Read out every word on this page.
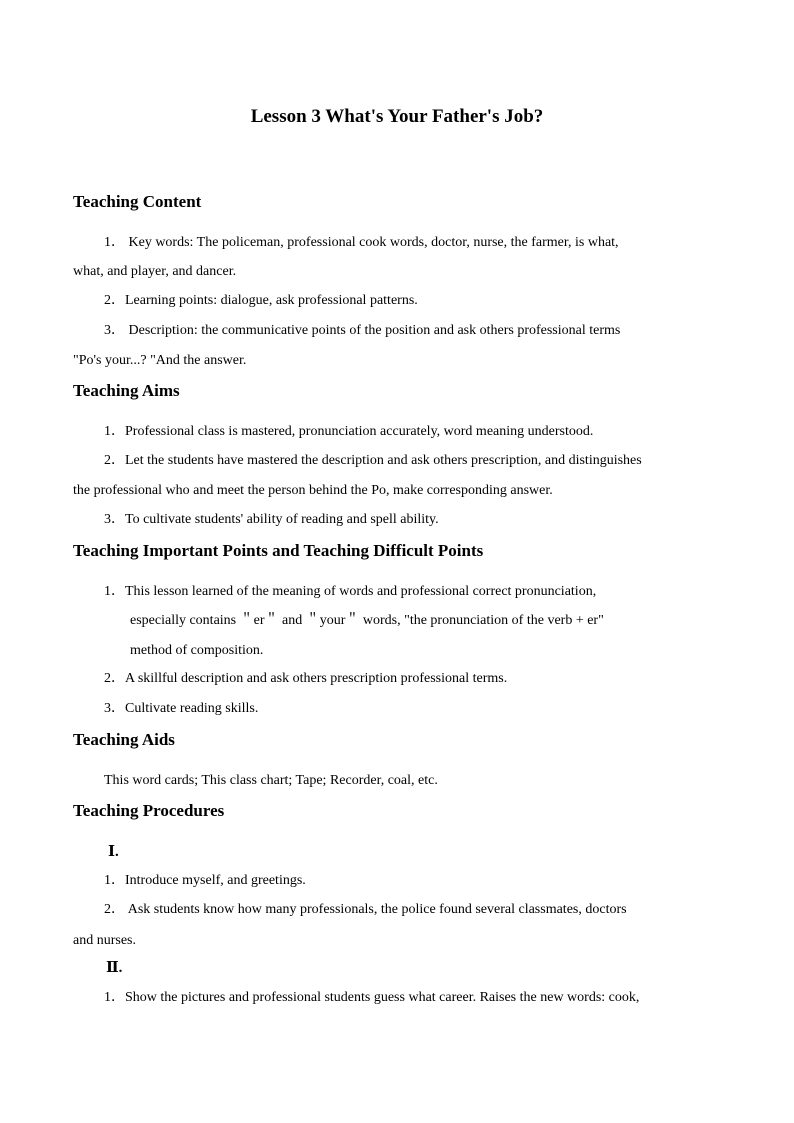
Lesson 3 What's Your Father's Job?
Teaching Content
1． Key words: The policeman, professional cook words, doctor, nurse, the farmer, is what,
what, and player, and dancer.
2．Learning points: dialogue, ask professional patterns.
3． Description: the communicative points of the position and ask others professional terms
"Po's your...? "And the answer.
Teaching Aims
1．Professional class is mastered, pronunciation accurately, word meaning understood.
2．Let the students have mastered the description and ask others prescription, and distinguishes
the professional who and meet the person behind the Po, make corresponding answer.
3．To cultivate students' ability of reading and spell ability.
Teaching Important Points and Teaching Difficult Points
1．This lesson learned of the meaning of words and professional correct pronunciation,
especially contains ＂er＂ and ＂your＂ words, "the pronunciation of the verb + er"
method of composition.
2．A skillful description and ask others prescription professional terms.
3．Cultivate reading skills.
Teaching Aids
This word cards; This class chart; Tape; Recorder, coal, etc.
Teaching Procedures
Ⅰ.
1．Introduce myself, and greetings.
2． Ask students know how many professionals, the police found several classmates, doctors
and nurses.
Ⅱ.
1．Show the pictures and professional students guess what career. Raises the new words: cook,
